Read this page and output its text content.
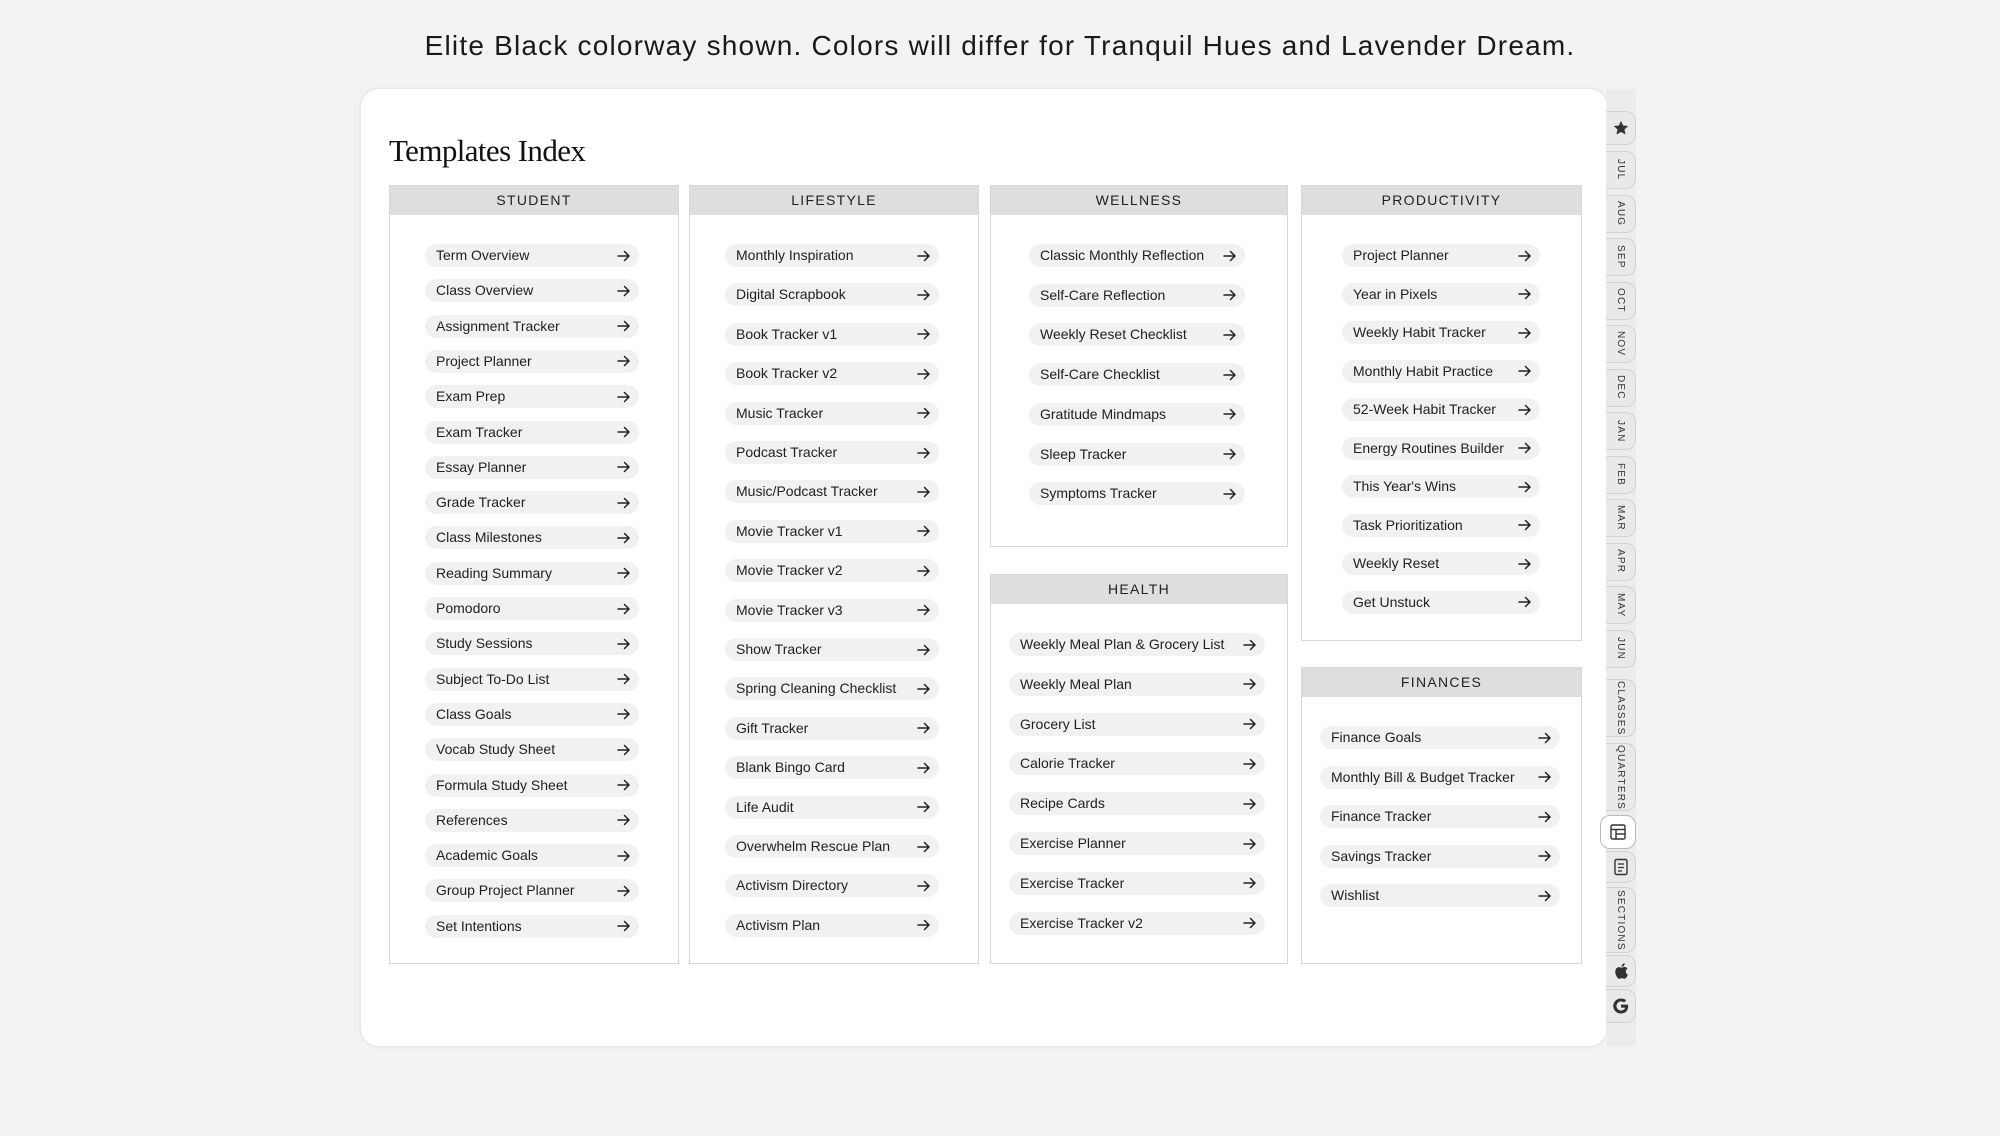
Elite Black colorway shown. Colors will differ for Tranquil Hues and Lavender Dream.
Templates Index
STUDENT
Term Overview
Class Overview
Assignment Tracker
Project Planner
Exam Prep
Exam Tracker
Essay Planner
Grade Tracker
Class Milestones
Reading Summary
Pomodoro
Study Sessions
Subject To-Do List
Class Goals
Vocab Study Sheet
Formula Study Sheet
References
Academic Goals
Group Project Planner
Set Intentions
LIFESTYLE
Monthly Inspiration
Digital Scrapbook
Book Tracker v1
Book Tracker v2
Music Tracker
Podcast Tracker
Music/Podcast Tracker
Movie Tracker v1
Movie Tracker v2
Movie Tracker v3
Show Tracker
Spring Cleaning Checklist
Gift Tracker
Blank Bingo Card
Life Audit
Overwhelm Rescue Plan
Activism Directory
Activism Plan
WELLNESS
Classic Monthly Reflection
Self-Care Reflection
Weekly Reset Checklist
Self-Care Checklist
Gratitude Mindmaps
Sleep Tracker
Symptoms Tracker
HEALTH
Weekly Meal Plan & Grocery List
Weekly Meal Plan
Grocery List
Calorie Tracker
Recipe Cards
Exercise Planner
Exercise Tracker
Exercise Tracker v2
PRODUCTIVITY
Project Planner
Year in Pixels
Weekly Habit Tracker
Monthly Habit Practice
52-Week Habit Tracker
Energy Routines Builder
This Year's Wins
Task Prioritization
Weekly Reset
Get Unstuck
FINANCES
Finance Goals
Monthly Bill & Budget Tracker
Finance Tracker
Savings Tracker
Wishlist
JUL
AUG
SEP
OCT
NOV
DEC
JAN
FEB
MAR
APR
MAY
JUN
CLASSES
QUARTERS
SECTIONS
